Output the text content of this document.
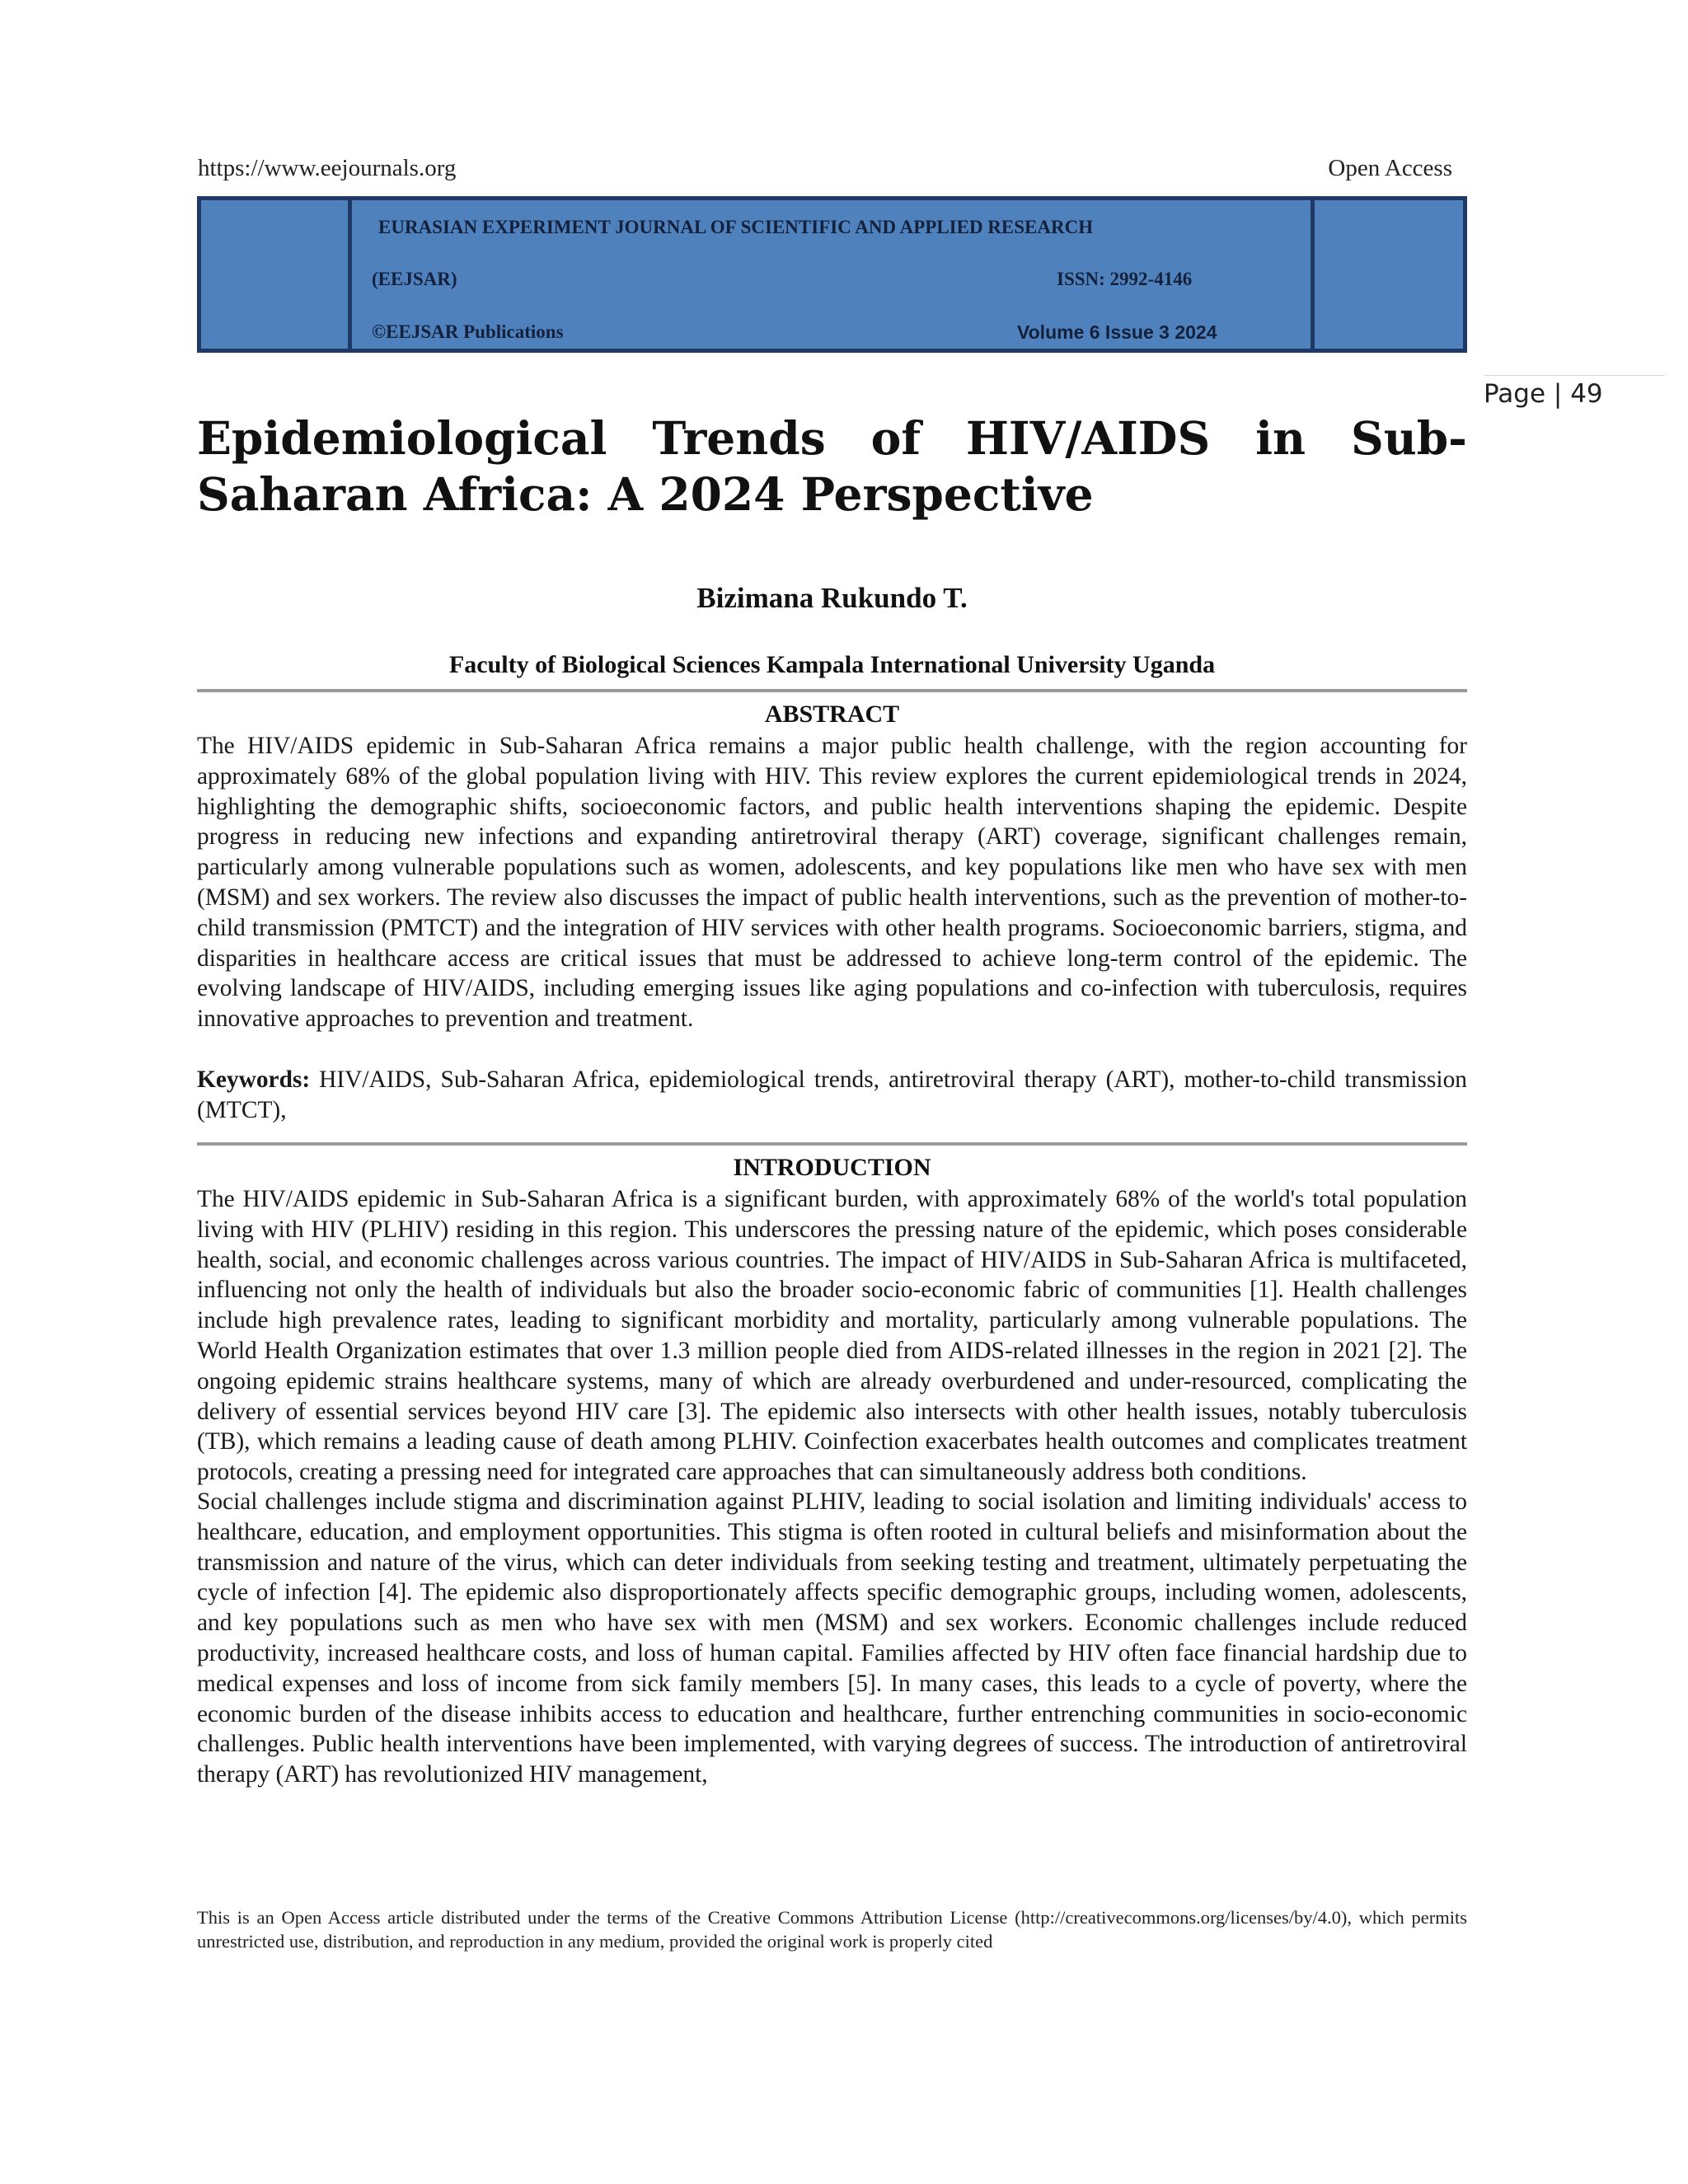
https://www.eejournals.org	Open Access
EURASIAN EXPERIMENT JOURNAL OF SCIENTIFIC AND APPLIED RESEARCH
(EEJSAR)	ISSN: 2992-4146
©EEJSAR Publications	Volume 6 Issue 3 2024
Page | 49
Epidemiological Trends of HIV/AIDS in Sub-Saharan Africa: A 2024 Perspective
Bizimana Rukundo T.
Faculty of Biological Sciences Kampala International University Uganda
ABSTRACT

The HIV/AIDS epidemic in Sub-Saharan Africa remains a major public health challenge, with the region accounting for approximately 68% of the global population living with HIV. This review explores the current epidemiological trends in 2024, highlighting the demographic shifts, socioeconomic factors, and public health interventions shaping the epidemic. Despite progress in reducing new infections and expanding antiretroviral therapy (ART) coverage, significant challenges remain, particularly among vulnerable populations such as women, adolescents, and key populations like men who have sex with men (MSM) and sex workers. The review also discusses the impact of public health interventions, such as the prevention of mother-to-child transmission (PMTCT) and the integration of HIV services with other health programs. Socioeconomic barriers, stigma, and disparities in healthcare access are critical issues that must be addressed to achieve long-term control of the epidemic. The evolving landscape of HIV/AIDS, including emerging issues like aging populations and co-infection with tuberculosis, requires innovative approaches to prevention and treatment.

Keywords: HIV/AIDS, Sub-Saharan Africa, epidemiological trends, antiretroviral therapy (ART), mother-to-child transmission (MTCT),

INTRODUCTION

The HIV/AIDS epidemic in Sub-Saharan Africa is a significant burden, with approximately 68% of the world's total population living with HIV (PLHIV) residing in this region. This underscores the pressing nature of the epidemic, which poses considerable health, social, and economic challenges across various countries. The impact of HIV/AIDS in Sub-Saharan Africa is multifaceted, influencing not only the health of individuals but also the broader socio-economic fabric of communities [1]. Health challenges include high prevalence rates, leading to significant morbidity and mortality, particularly among vulnerable populations. The World Health Organization estimates that over 1.3 million people died from AIDS-related illnesses in the region in 2021 [2]. The ongoing epidemic strains healthcare systems, many of which are already overburdened and under-resourced, complicating the delivery of essential services beyond HIV care [3]. The epidemic also intersects with other health issues, notably tuberculosis (TB), which remains a leading cause of death among PLHIV. Coinfection exacerbates health outcomes and complicates treatment protocols, creating a pressing need for integrated care approaches that can simultaneously address both conditions.

Social challenges include stigma and discrimination against PLHIV, leading to social isolation and limiting individuals' access to healthcare, education, and employment opportunities. This stigma is often rooted in cultural beliefs and misinformation about the transmission and nature of the virus, which can deter individuals from seeking testing and treatment, ultimately perpetuating the cycle of infection [4]. The epidemic also disproportionately affects specific demographic groups, including women, adolescents, and key populations such as men who have sex with men (MSM) and sex workers. Economic challenges include reduced productivity, increased healthcare costs, and loss of human capital. Families affected by HIV often face financial hardship due to medical expenses and loss of income from sick family members [5]. In many cases, this leads to a cycle of poverty, where the economic burden of the disease inhibits access to education and healthcare, further entrenching communities in socio-economic challenges. Public health interventions have been implemented, with varying degrees of success. The introduction of antiretroviral therapy (ART) has revolutionized HIV management,

This is an Open Access article distributed under the terms of the Creative Commons Attribution License (http://creativecommons.org/licenses/by/4.0), which permits unrestricted use, distribution, and reproduction in any medium, provided the original work is properly cited
